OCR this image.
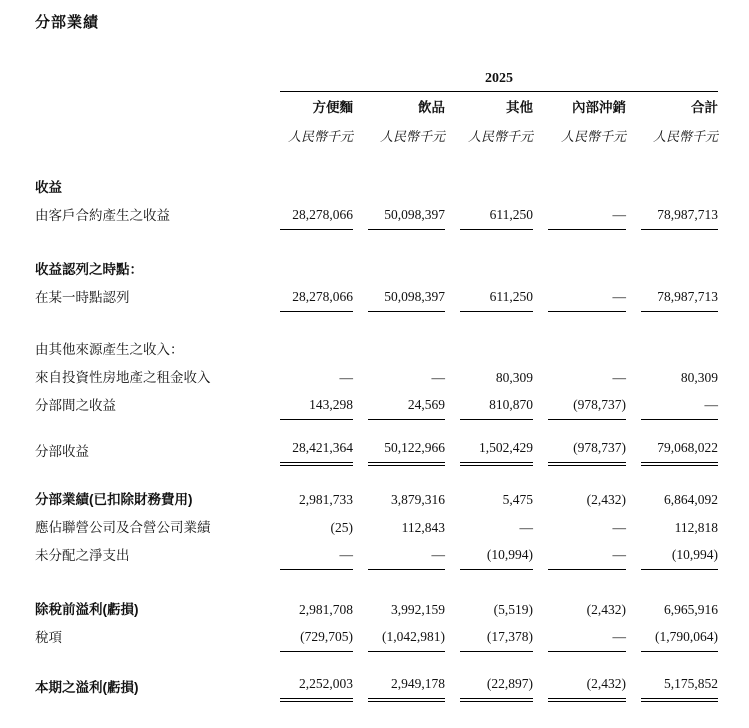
分部業績
2025
方便麵	飲品	其他	內部沖銷	合計
人民幣千元	人民幣千元	人民幣千元	人民幣千元	人民幣千元
收益
由客戶合約產生之收益	28,278,066	50,098,397	611,250	—	78,987,713
收益認列之時點：
在某一時點認列	28,278,066	50,098,397	611,250	—	78,987,713
由其他來源產生之收入：
來自投資性房地產之租金收入	—	—	80,309	—	80,309
分部間之收益	143,298	24,569	810,870	(978,737)	—
分部收益	28,421,364	50,122,966	1,502,429	(978,737)	79,068,022
分部業績(已扣除財務費用)	2,981,733	3,879,316	5,475	(2,432)	6,864,092
應佔聯營公司及合營公司業績	(25)	112,843	—	—	112,818
未分配之淨支出	—	—	(10,994)	—	(10,994)
除稅前溢利(虧損)	2,981,708	3,992,159	(5,519)	(2,432)	6,965,916
稅項	(729,705)	(1,042,981)	(17,378)	—	(1,790,064)
本期之溢利(虧損)	2,252,003	2,949,178	(22,897)	(2,432)	5,175,852
